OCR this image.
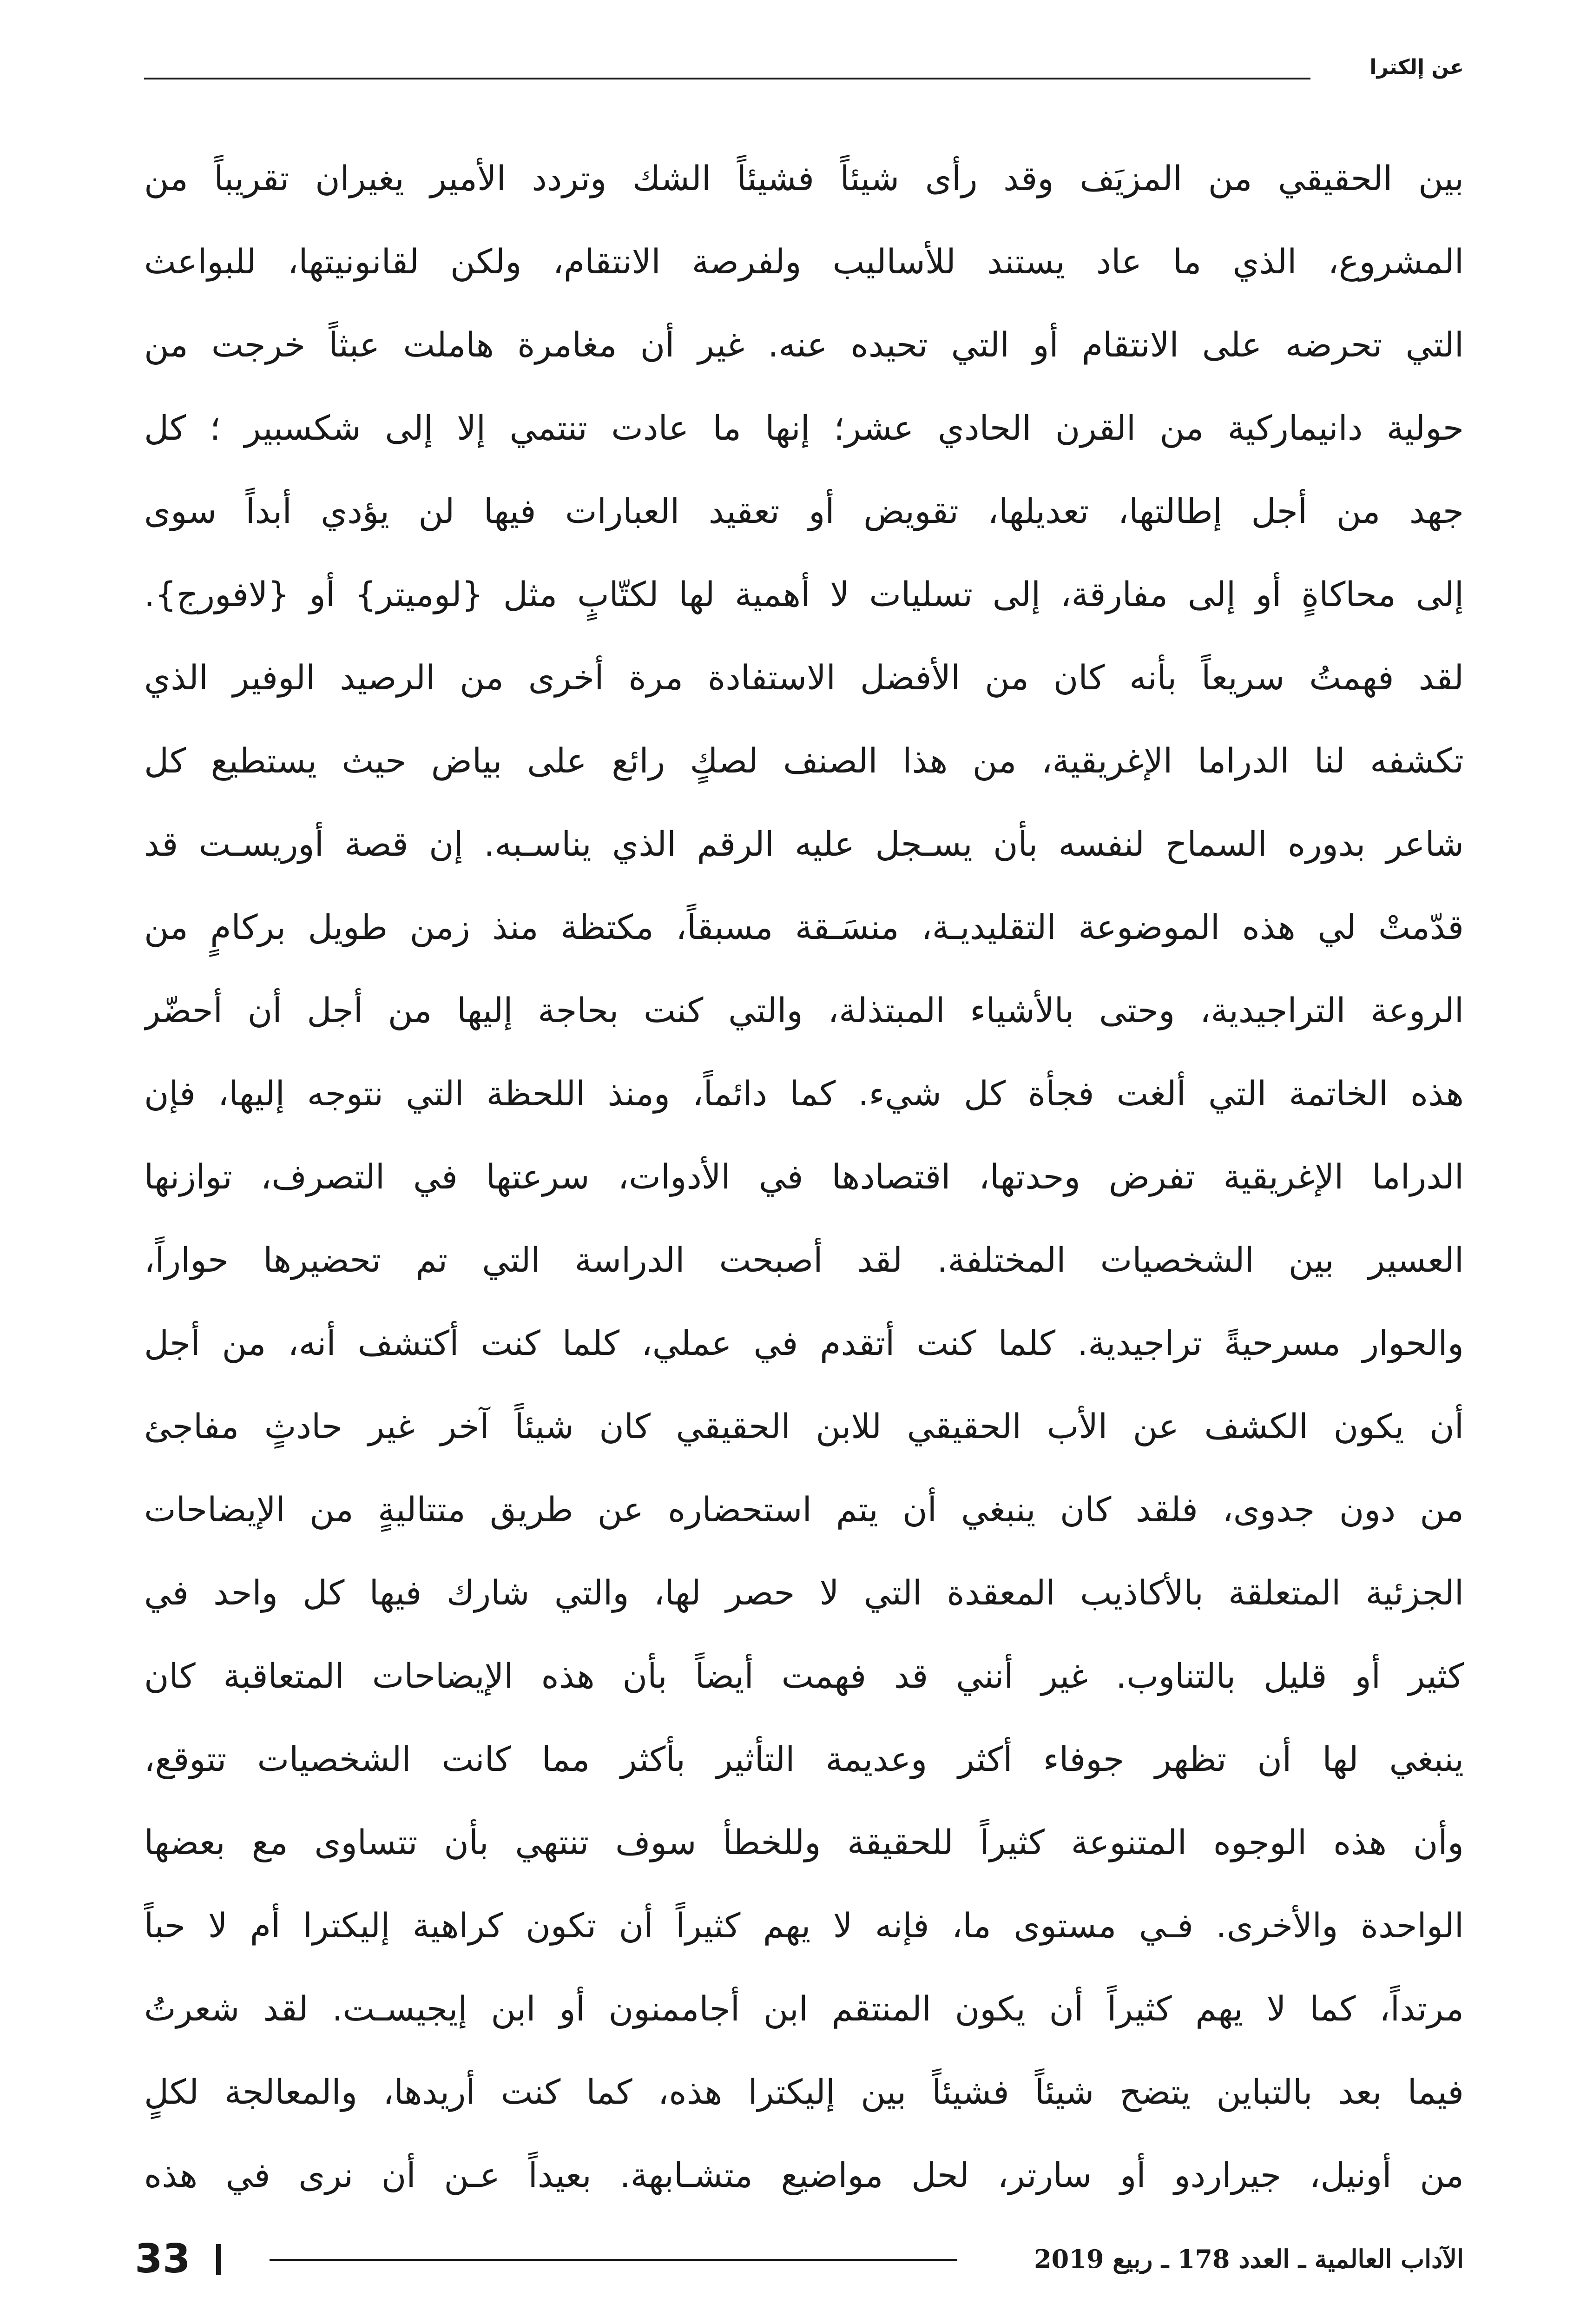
عن إلكترا
بين الحقيقي من المزيَف وقد رأى شيئاً فشيئاً الشك وتردد الأمير يغيران تقريباً من
المشروع، الذي ما عاد يستند للأساليب ولفرصة الانتقام، ولكن لقانونيتها، للبواعث
التي تحرضه على الانتقام أو التي تحيده عنه. غير أن مغامرة هاملت عبثاً خرجت من
حولية دانيماركية من القرن الحادي عشر؛ إنها ما عادت تنتمي إلا إلى شكسبير ؛ كل
جهد من أجل إطالتها، تعديلها، تقويض أو تعقيد العبارات فيها لن يؤدي أبداً سوى
إلى محاكاةٍ أو إلى مفارقة، إلى تسليات لا أهمية لها لكتّابٍ مثل {لوميتر} أو {لافورج}.
لقد فهمتُ سريعاً بأنه كان من الأفضل الاستفادة مرة أخرى من الرصيد الوفير الذي
تكشفه لنا الدراما الإغريقية، من هذا الصنف لصكٍ رائع على بياض حيث يستطيع كل
شاعر بدوره السماح لنفسه بأن يسـجل عليه الرقم الذي يناسـبه. إن قصة أوريسـت قد
قدّمتْ لي هذه الموضوعة التقليديـة، منسَـقة مسبقاً، مكتظة منذ زمن طويل بركامٍ من
الروعة التراجيدية، وحتى بالأشياء المبتذلة، والتي كنت بحاجة إليها من أجل أن أحضّر
هذه الخاتمة التي ألغت فجأة كل شيء. كما دائماً، ومنذ اللحظة التي نتوجه إليها، فإن
الدراما الإغريقية تفرض وحدتها، اقتصادها في الأدوات، سرعتها في التصرف، توازنها
العسير بين الشخصيات المختلفة. لقد أصبحت الدراسة التي تم تحضيرها حواراً،
والحوار مسرحيةً تراجيدية. كلما كنت أتقدم في عملي، كلما كنت أكتشف أنه، من أجل
أن يكون الكشف عن الأب الحقيقي للابن الحقيقي كان شيئاً آخر غير حادثٍ مفاجئ
من دون جدوى، فلقد كان ينبغي أن يتم استحضاره عن طريق متتاليةٍ من الإيضاحات
الجزئية المتعلقة بالأكاذيب المعقدة التي لا حصر لها، والتي شارك فيها كل واحد في
كثير أو قليل بالتناوب. غير أنني قد فهمت أيضاً بأن هذه الإيضاحات المتعاقبة كان
ينبغي لها أن تظهر جوفاء أكثر وعديمة التأثير بأكثر مما كانت الشخصيات تتوقع،
وأن هذه الوجوه المتنوعة كثيراً للحقيقة وللخطأ سوف تنتهي بأن تتساوى مع بعضها
الواحدة والأخرى. فـي مستوى ما، فإنه لا يهم كثيراً أن تكون كراهية إليكترا أم لا حباً
مرتداً، كما لا يهم كثيراً أن يكون المنتقم ابن أجاممنون أو ابن إيجيسـت. لقد شعرتُ
فيما بعد بالتباين يتضح شيئاً فشيئاً بين إليكترا هذه، كما كنت أريدها، والمعالجة لكلٍ
من أونيل، جيراردو أو سارتر، لحل مواضيع متشـابهة. بعيداً عـن أن نرى في هذه
33	الآداب العالمية ـ العدد 178 ـ ربيع 2019
